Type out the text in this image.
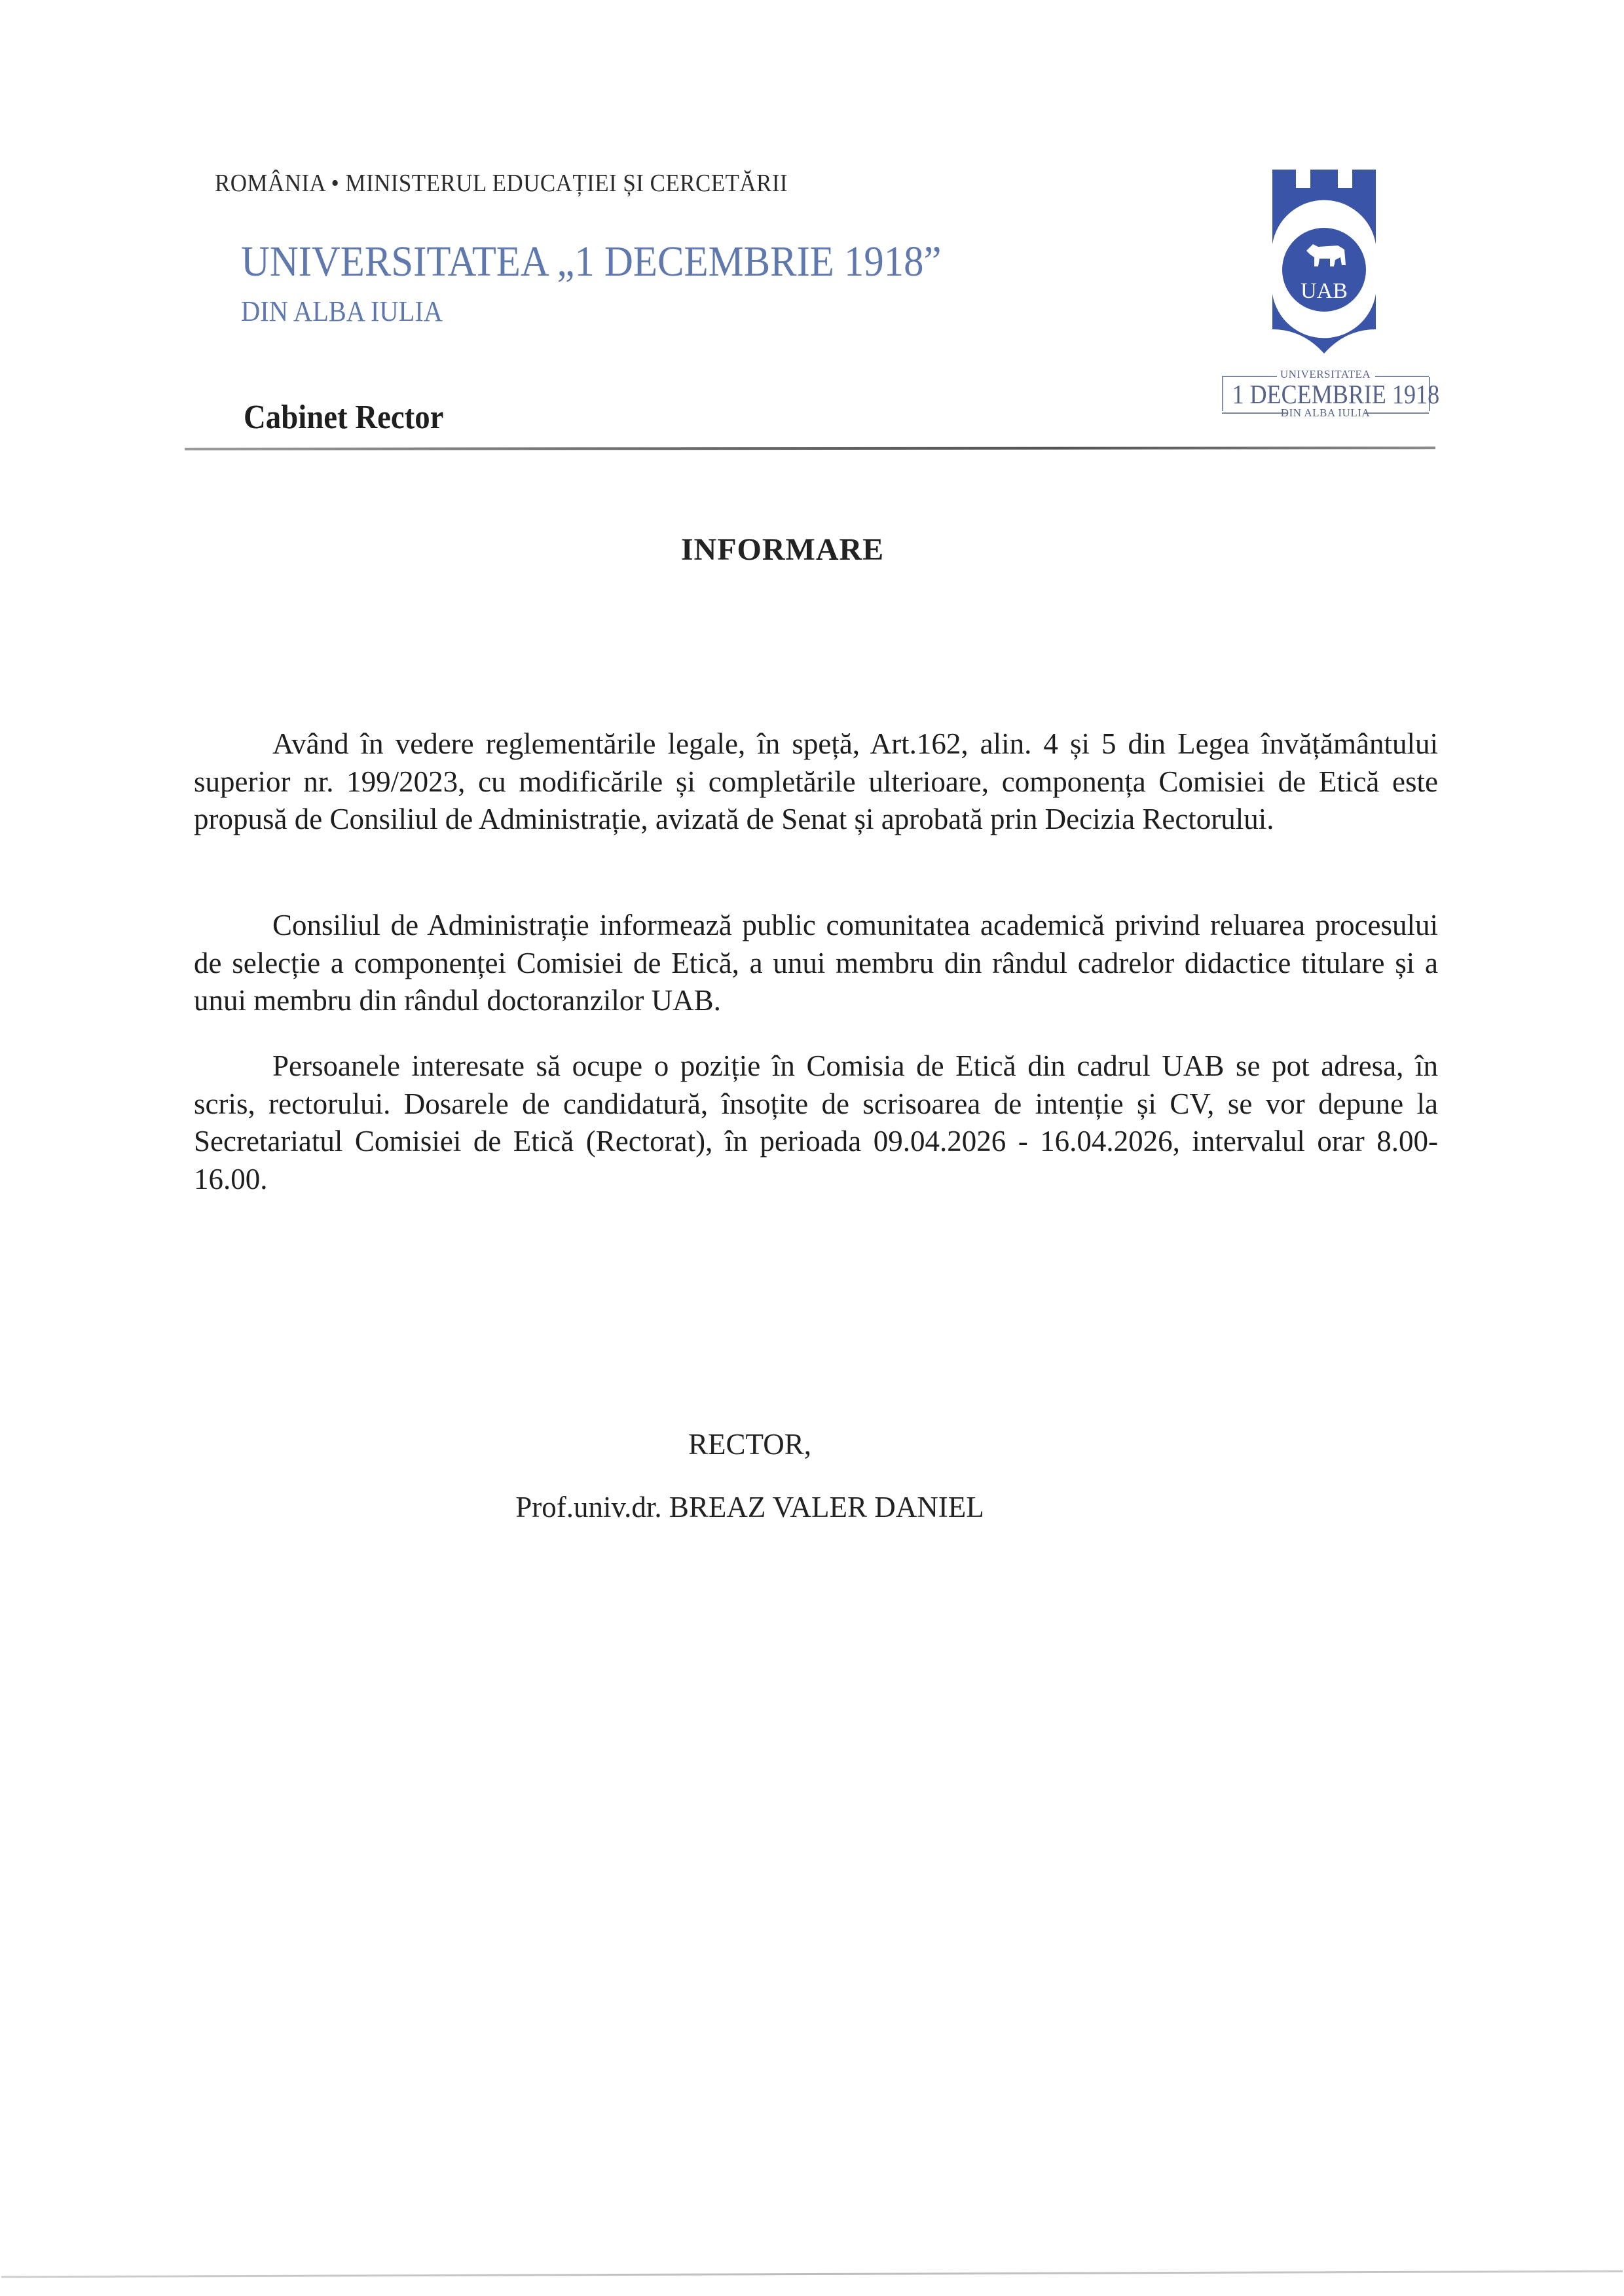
ROMÂNIA • MINISTERUL EDUCAȚIEI ȘI CERCETĂRII
UNIVERSITATEA „1 DECEMBRIE 1918”
DIN ALBA IULIA
UAB
UNIVERSITATEA
1 DECEMBRIE 1918
DIN ALBA IULIA
Cabinet Rector
INFORMARE

Având în vedere reglementările legale, în speță, Art.162, alin. 4 și 5 din Legea învățământului superior nr. 199/2023, cu modificările și completările ulterioare, componența Comisiei de Etică este propusă de Consiliul de Administrație, avizată de Senat și aprobată prin Decizia Rectorului.

Consiliul de Administrație informează public comunitatea academică privind reluarea procesului de selecție a componenței Comisiei de Etică, a unui membru din rândul cadrelor didactice titulare și a unui membru din rândul doctoranzilor UAB.

Persoanele interesate să ocupe o poziție în Comisia de Etică din cadrul UAB se pot adresa, în scris, rectorului. Dosarele de candidatură, însoțite de scrisoarea de intenție și CV, se vor depune la Secretariatul Comisiei de Etică (Rectorat), în perioada 09.04.2026 - 16.04.2026, intervalul orar 8.00-16.00.

RECTOR,
Prof.univ.dr. BREAZ VALER DANIEL
